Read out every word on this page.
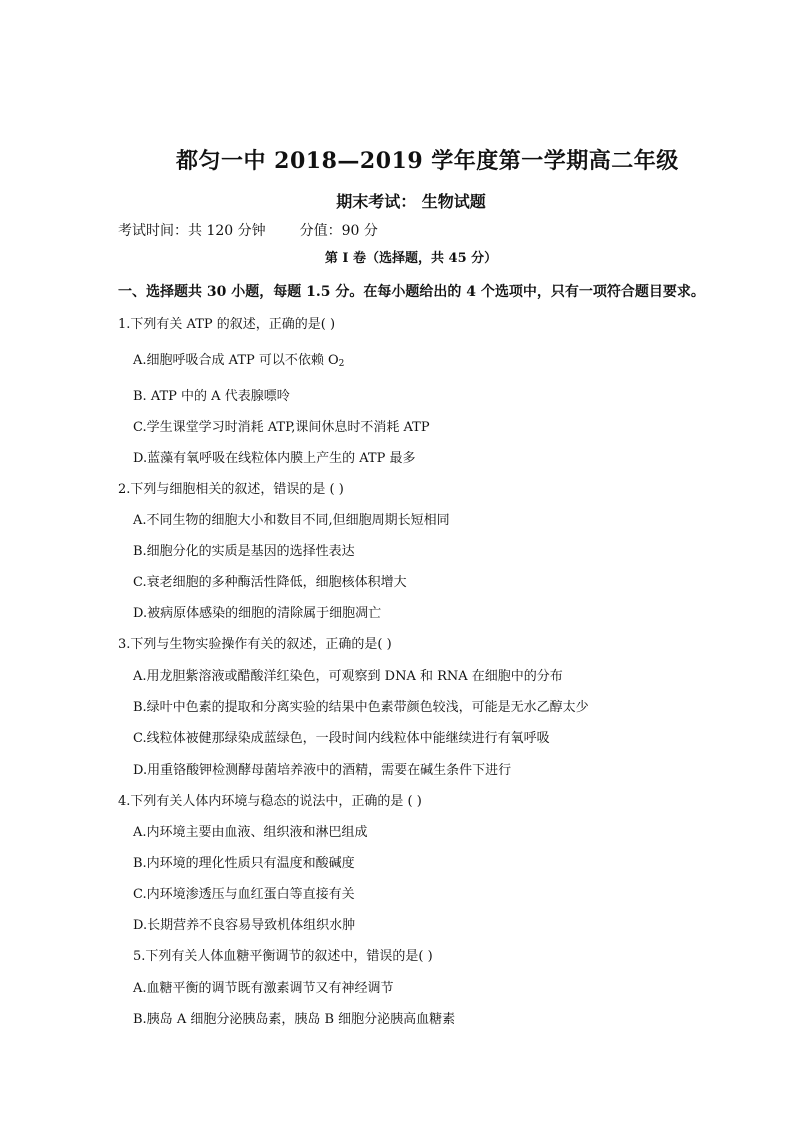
都匀一中 2018—2019 学年度第一学期高二年级
期末考试： 生物试题
考试时间：共 120 分钟 分值：90 分
第 I 卷（选择题，共 45 分）
一、选择题共 30 小题，每题 1.5 分。在每小题给出的 4 个选项中，只有一项符合题目要求。
1.下列有关 ATP 的叙述，正确的是( )
A.细胞呼吸合成 ATP 可以不依赖 $O_2$
B. ATP 中的 A 代表腺嘌呤
C.学生课堂学习时消耗 ATP,课间休息时不消耗 ATP
D.蓝藻有氧呼吸在线粒体内膜上产生的 ATP 最多
2.下列与细胞相关的叙述，错误的是 ( )
A.不同生物的细胞大小和数目不同,但细胞周期长短相同
B.细胞分化的实质是基因的选择性表达
C.衰老细胞的多种酶活性降低，细胞核体积增大
D.被病原体感染的细胞的清除属于细胞凋亡
3.下列与生物实验操作有关的叙述，正确的是( )
A.用龙胆紫溶液或醋酸洋红染色，可观察到 DNA 和 RNA 在细胞中的分布
B.绿叶中色素的提取和分离实验的结果中色素带颜色较浅，可能是无水乙醇太少
C.线粒体被健那绿染成蓝绿色，一段时间内线粒体中能继续进行有氧呼吸
D.用重铬酸钾检测酵母菌培养液中的酒精，需要在碱生条件下进行
4.下列有关人体内环境与稳态的说法中，正确的是 ( )
A.内环境主要由血液、组织液和淋巴组成
B.内环境的理化性质只有温度和酸碱度
C.内环境渗透压与血红蛋白等直接有关
D.长期营养不良容易导致机体组织水肿
5.下列有关人体血糖平衡调节的叙述中，错误的是( )
A.血糖平衡的调节既有激素调节又有神经调节
B.胰岛 A 细胞分泌胰岛素，胰岛 B 细胞分泌胰高血糖素
